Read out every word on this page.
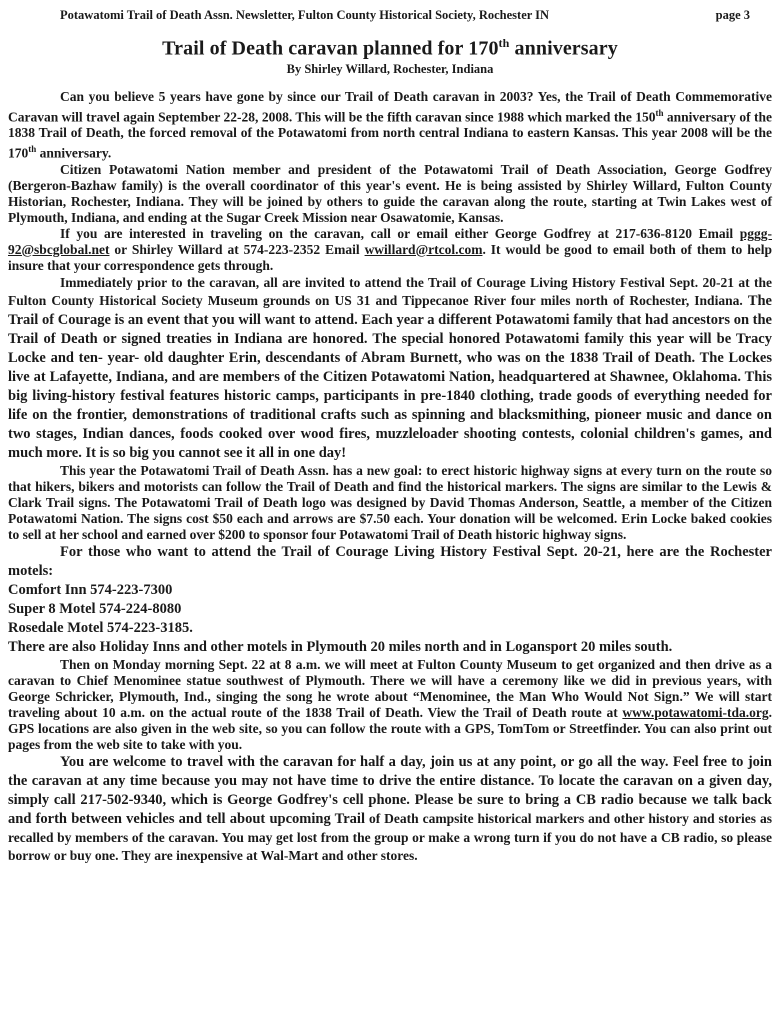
Potawatomi Trail of Death Assn. Newsletter, Fulton County Historical Society, Rochester IN	page 3
Trail of Death caravan planned for 170th anniversary
By Shirley Willard, Rochester, Indiana

Can you believe 5 years have gone by since our Trail of Death caravan in 2003? Yes, the Trail of Death Commemorative Caravan will travel again September 22-28, 2008. This will be the fifth caravan since 1988 which marked the 150th anniversary of the 1838 Trail of Death, the forced removal of the Potawatomi from north central Indiana to eastern Kansas. This year 2008 will be the 170th anniversary.

Citizen Potawatomi Nation member and president of the Potawatomi Trail of Death Association, George Godfrey (Bergeron-Bazhaw family) is the overall coordinator of this year's event. He is being assisted by Shirley Willard, Fulton County Historian, Rochester, Indiana. They will be joined by others to guide the caravan along the route, starting at Twin Lakes west of Plymouth, Indiana, and ending at the Sugar Creek Mission near Osawatomie, Kansas.

If you are interested in traveling on the caravan, call or email either George Godfrey at 217-636-8120 Email pggg-92@sbcglobal.net or Shirley Willard at 574-223-2352 Email wwillard@rtcol.com. It would be good to email both of them to help insure that your correspondence gets through.

Immediately prior to the caravan, all are invited to attend the Trail of Courage Living History Festival Sept. 20-21 at the Fulton County Historical Society Museum grounds on US 31 and Tippecanoe River four miles north of Rochester, Indiana. The Trail of Courage is an event that you will want to attend. Each year a different Potawatomi family that had ancestors on the Trail of Death or signed treaties in Indiana are honored. The special honored Potawatomi family this year will be Tracy Locke and ten- year- old daughter Erin, descendants of Abram Burnett, who was on the 1838 Trail of Death. The Lockes live at Lafayette, Indiana, and are members of the Citizen Potawatomi Nation, headquartered at Shawnee, Oklahoma. This big living-history festival features historic camps, participants in pre-1840 clothing, trade goods of everything needed for life on the frontier, demonstrations of traditional crafts such as spinning and blacksmithing, pioneer music and dance on two stages, Indian dances, foods cooked over wood fires, muzzleloader shooting contests, colonial children's games, and much more. It is so big you cannot see it all in one day!

This year the Potawatomi Trail of Death Assn. has a new goal: to erect historic highway signs at every turn on the route so that hikers, bikers and motorists can follow the Trail of Death and find the historical markers. The signs are similar to the Lewis & Clark Trail signs. The Potawatomi Trail of Death logo was designed by David Thomas Anderson, Seattle, a member of the Citizen Potawatomi Nation. The signs cost $50 each and arrows are $7.50 each. Your donation will be welcomed. Erin Locke baked cookies to sell at her school and earned over $200 to sponsor four Potawatomi Trail of Death historic highway signs.

For those who want to attend the Trail of Courage Living History Festival Sept. 20-21, here are the Rochester motels:

Comfort Inn 574-223-7300
Super 8 Motel 574-224-8080
Rosedale Motel 574-223-3185.

There are also Holiday Inns and other motels in Plymouth 20 miles north and in Logansport 20 miles south.

Then on Monday morning Sept. 22 at 8 a.m. we will meet at Fulton County Museum to get organized and then drive as a caravan to Chief Menominee statue southwest of Plymouth. There we will have a ceremony like we did in previous years, with George Schricker, Plymouth, Ind., singing the song he wrote about “Menominee, the Man Who Would Not Sign.” We will start traveling about 10 a.m. on the actual route of the 1838 Trail of Death. View the Trail of Death route at www.potawatomi-tda.org. GPS locations are also given in the web site, so you can follow the route with a GPS, TomTom or Streetfinder. You can also print out pages from the web site to take with you.

You are welcome to travel with the caravan for half a day, join us at any point, or go all the way. Feel free to join the caravan at any time because you may not have time to drive the entire distance. To locate the caravan on a given day, simply call 217-502-9340, which is George Godfrey's cell phone. Please be sure to bring a CB radio because we talk back and forth between vehicles and tell about upcoming Trail of Death campsite historical markers and other history and stories as recalled by members of the caravan. You may get lost from the group or make a wrong turn if you do not have a CB radio, so please borrow or buy one. They are inexpensive at Wal-Mart and other stores.
